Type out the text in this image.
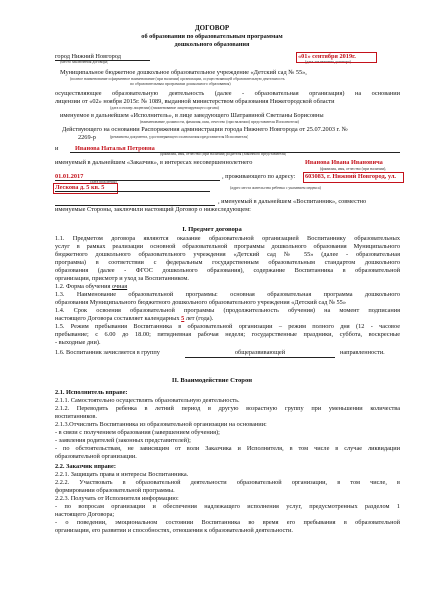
ДОГОВОР
об образовании по образовательным программам
дошкольного образования
город Нижний Новгород
(место заключения договора)
«01» сентября 2019г.
(дата заключения договора)
Муниципальное бюджетное дошкольное образовательное учреждение «Детский сад № 55»,
(полное наименование и фирменное наименование (при наличии) организации, осуществляющей образовательную деятельность
по образовательным программам дошкольного образования)
осуществляющее образовательную деятельность (далее - образовательная организация) на основании
лицензии от «02» ноября 2015г. № 1089, выданной министерством образования Нижегородской области
(дата и номер лицензии) (наименование лицензирующего органа)
именуемое в дальнейшем «Исполнитель», в лице заведующего Шатравиной Светланы Борисовны
(наименование должности, фамилия, имя, отчество (при наличии) представителя Исполнителя)
Действующего на основании Распоряжения администрации города Нижнего Новгорода от 25.07.2003 г. №
2269-р	(реквизиты документа, удостоверяющего полномочия представителя Исполнителя)
и	Иванова Наталья Петровна
(фамилия, имя, отчество (при наличии) родителя (законного представителя)
именуемый в дальнейшем «Заказчик», в интересах несовершеннолетнего	Иванова Ивана Ивановича
(фамилия, имя, отчество (при наличии),
01.01.2017
(дата рождения)
, проживающего по адресу:	603083, г. Нижний Новгород, ул.
Лескова д. 5 кв. 5	(адрес места жительства ребенка с указанием индекса)
, именуемый в дальнейшем «Воспитанник», совместно
именуемые Стороны, заключили настоящий Договор о нижеследующем:
I. Предмет договора
1.1. Предметом договора являются оказание образовательной организацией Воспитаннику образовательных
услуг в рамках реализации основной образовательной программы дошкольного образования Муниципального
бюджетного дошкольного образовательного учреждения «Детский сад № 55» (далее - образовательная
программа) в соответствии с федеральным государственным образовательным стандартом дошкольного
образования (далее - ФГОС дошкольного образования), содержание Воспитанника в образовательной
организации, присмотр и уход за Воспитанником.
1.2. Форма обучения очная
1.3. Наименование образовательной программы: основная образовательная программа дошкольного
образования Муниципального бюджетного дошкольного образовательного учреждения «Детский сад № 55»
1.4. Срок освоения образовательной программы (продолжительность обучения) на момент подписания
настоящего Договора составляет календарных 5 лет (года).
1.5. Режим пребывания Воспитанника в образовательной организации – режим полного дня (12 - часовое
пребывание; с 6.00 до 18.00; пятидневная рабочая неделя; государственные праздники, суббота, воскресные
- выходные дни).
1.6. Воспитанник зачисляется в группу	общеразвивающей	направленности.
II. Взаимодействие Сторон
2.1. Исполнитель вправе:
2.1.1. Самостоятельно осуществлять образовательную деятельность.
2.1.2. Переводить ребенка в летний период в другую возрастную группу при уменьшении количества
воспитанников.
2.1.3.Отчислить Воспитанника из образовательной организации на основании:
- в связи с получением образования (завершением обучения);
- заявления родителей (законных представителей);
- по обстоятельствам, не зависящим от воли Заказчика и Исполнителя, в том числе в случае ликвидации
образовательной организации.
2.2. Заказчик вправе:
2.2.1. Защищать права и интересы Воспитанника.
2.2.2. Участвовать в образовательной деятельности образовательной организации, в том числе, в
формировании образовательной программы.
2.2.3. Получать от Исполнителя информацию:
- по вопросам организации и обеспечения надлежащего исполнения услуг, предусмотренных разделом 1
настоящего Договора;
- о поведении, эмоциональном состоянии Воспитанника во время его пребывания в образовательной
организации, его развитии и способностях, отношении к образовательной деятельности.
